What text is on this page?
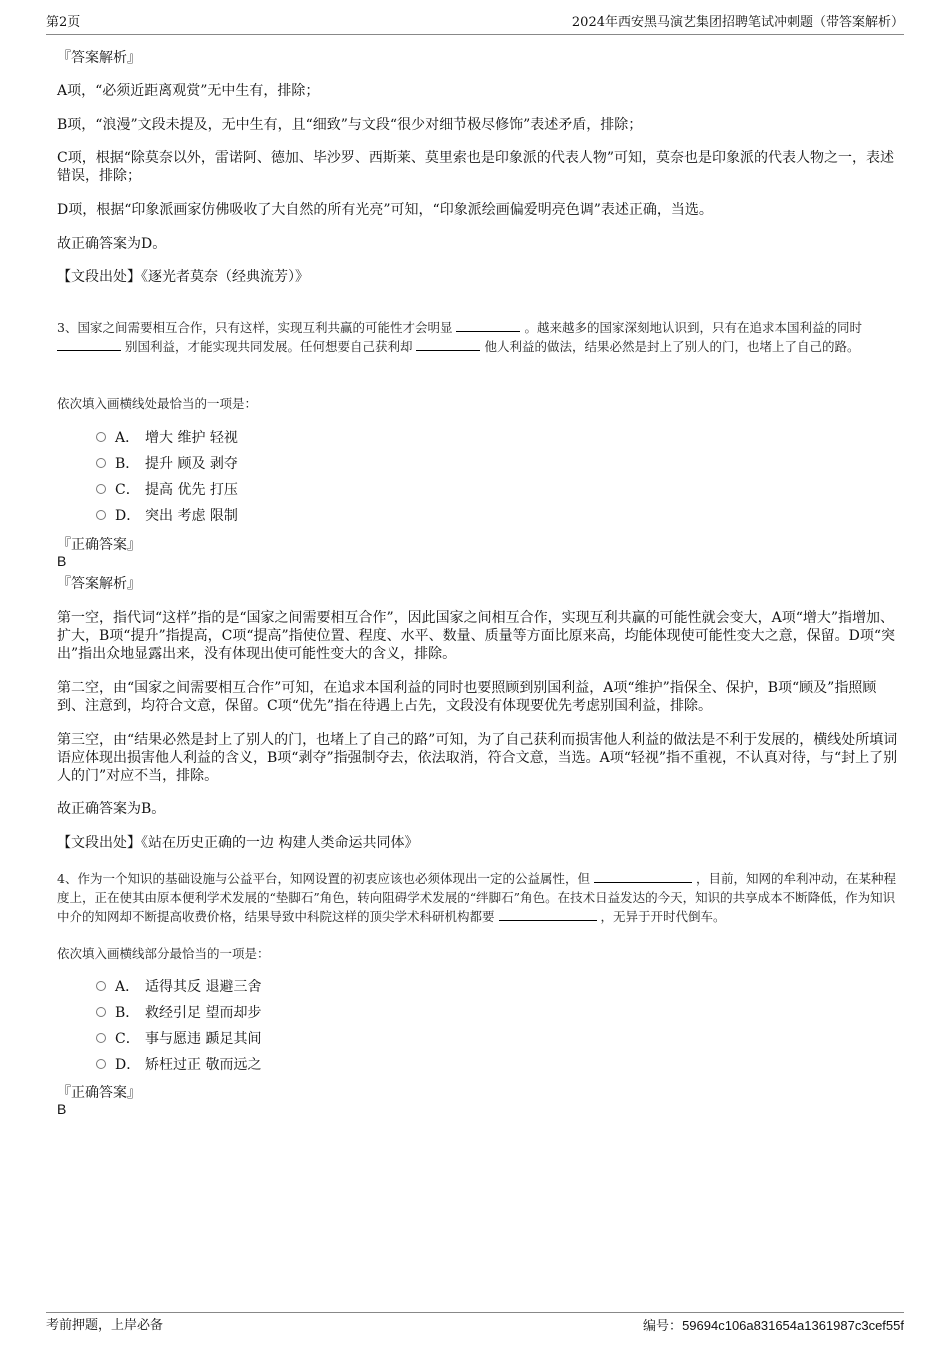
第2页	2024年西安黑马演艺集团招聘笔试冲刺题（带答案解析）
『答案解析』
A项，“必须近距离观赏”无中生有，排除；
B项，“浪漫”文段未提及，无中生有，且“细致”与文段“很少对细节极尽修饰”表述矛盾，排除；
C项，根据“除莫奈以外，雷诺阿、德加、毕沙罗、西斯莱、莫里索也是印象派的代表人物”可知，莫奈也是印象派的代表人物之一，表述错误，排除；
D项，根据“印象派画家仿佛吸收了大自然的所有光亮”可知，“印象派绘画偏爱明亮色调”表述正确，当选。
故正确答案为D。
【文段出处】《逐光者莫奈（经典流芳）》
3、国家之间需要相互合作，只有这样，实现互利共赢的可能性才会明显	。越来越多的国家深刻地认识到，只有在追求本国利益的同时  别国利益，才能实现共同发展。任何想要自己获利却	他人利益的做法，结果必然是封上了别人的门，也堵上了自己的路。
依次填入画横线处最恰当的一项是：
A． 增大 维护 轻视
B． 提升 顾及 剥夺
C． 提高 优先 打压
D． 突出 考虑 限制
『正确答案』
B
『答案解析』
第一空，指代词“这样”指的是“国家之间需要相互合作”，因此国家之间相互合作，实现互利共赢的可能性就会变大，A项“增大”指增加、扩大，B项“提升”指提高，C项“提高”指使位置、程度、水平、数量、质量等方面比原来高，均能体现使可能性变大之意，保留。D项“突出”指出众地显露出来，没有体现出使可能性变大的含义，排除。
第二空，由“国家之间需要相互合作”可知，在追求本国利益的同时也要照顾到别国利益，A项“维护”指保全、保护，B项“顾及”指照顾到、注意到，均符合文意，保留。C项“优先”指在待遇上占先，文段没有体现要优先考虑别国利益，排除。
第三空，由“结果必然是封上了别人的门，也堵上了自己的路”可知，为了自己获利而损害他人利益的做法是不利于发展的，横线处所填词语应体现出损害他人利益的含义，B项“剥夺”指强制夺去，依法取消，符合文意，当选。A项“轻视”指不重视，不认真对待，与“封上了别人的门”对应不当，排除。
故正确答案为B。
【文段出处】《站在历史正确的一边 构建人类命运共同体》
4、作为一个知识的基础设施与公益平台，知网设置的初衷应该也必须体现出一定的公益属性，但	，目前，知网的牟利冲动，在某种程度上，正在使其由原本便利学术发展的“垫脚石”角色，转向阻碍学术发展的“绊脚石”角色。在技术日益发达的今天，知识的共享成本不断降低，作为知识中介的知网却不断提高收费价格，结果导致中科院这样的顶尖学术科研机构都要	，无异于开时代倒车。
依次填入画横线部分最恰当的一项是：
A． 适得其反 退避三舍
B． 救经引足 望而却步
C． 事与愿违 踬足其间
D． 矫枉过正 敬而远之
『正确答案』
B
考前押题，上岸必备	编号：59694c106a831654a1361987c3cef55f
